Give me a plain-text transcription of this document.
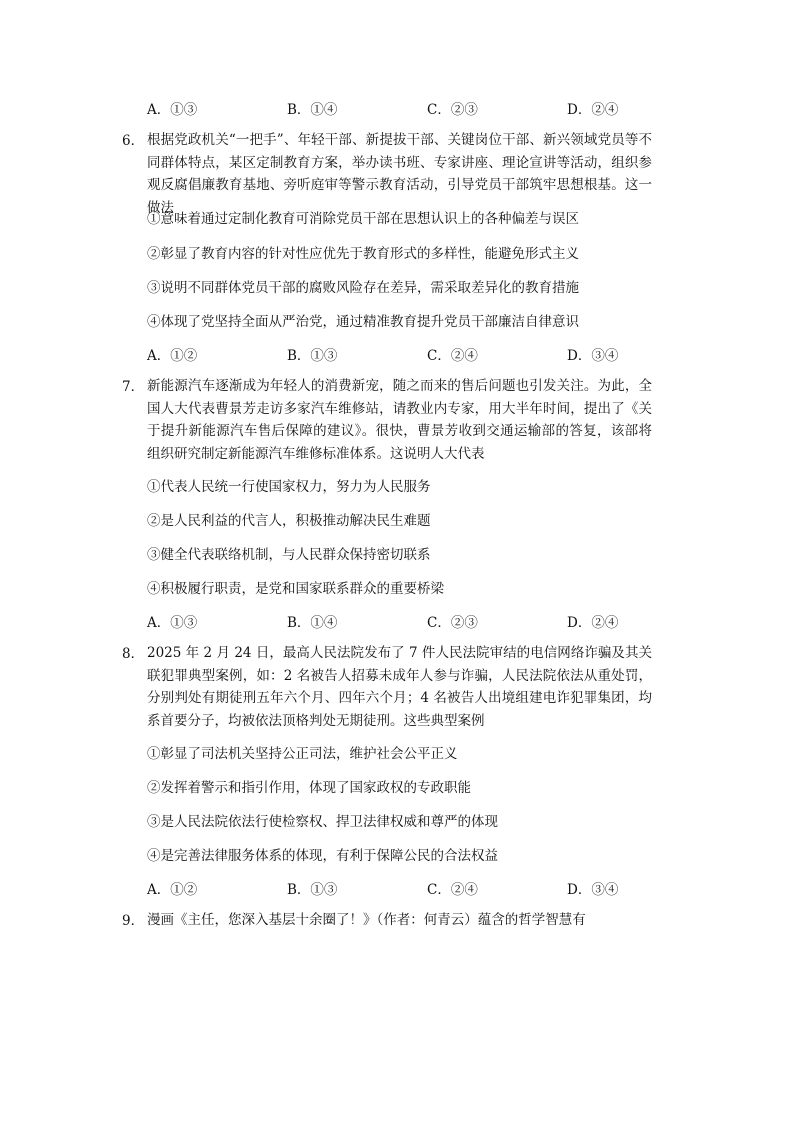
A．①③	B．①④	C．②③	D．②④
6． 根据党政机关“一把手”、年轻干部、新提拔干部、关键岗位干部、新兴领域党员等不同群体特点，某区定制教育方案，举办读书班、专家讲座、理论宣讲等活动，组织参观反腐倡廉教育基地、旁听庭审等警示教育活动，引导党员干部筑牢思想根基。这一做法
①意味着通过定制化教育可消除党员干部在思想认识上的各种偏差与误区
②彰显了教育内容的针对性应优先于教育形式的多样性，能避免形式主义
③说明不同群体党员干部的腐败风险存在差异，需采取差异化的教育措施
④体现了党坚持全面从严治党，通过精准教育提升党员干部廉洁自律意识
A．①②	B．①③	C．②④	D．③④
7． 新能源汽车逐渐成为年轻人的消费新宠，随之而来的售后问题也引发关注。为此，全国人大代表曹景芳走访多家汽车维修站，请教业内专家，用大半年时间，提出了《关于提升新能源汽车售后保障的建议》。很快，曹景芳收到交通运输部的答复，该部将组织研究制定新能源汽车维修标准体系。这说明人大代表
①代表人民统一行使国家权力，努力为人民服务
②是人民利益的代言人，积极推动解决民生难题
③健全代表联络机制，与人民群众保持密切联系
④积极履行职责，是党和国家联系群众的重要桥梁
A．①③	B．①④	C．②③	D．②④
8． 2025 年 2 月 24 日，最高人民法院发布了 7 件人民法院审结的电信网络诈骗及其关联犯罪典型案例，如：2 名被告人招募未成年人参与诈骗，人民法院依法从重处罚，分别判处有期徒刑五年六个月、四年六个月；4 名被告人出境组建电诈犯罪集团，均系首要分子，均被依法顶格判处无期徒刑。这些典型案例
①彰显了司法机关坚持公正司法，维护社会公平正义
②发挥着警示和指引作用，体现了国家政权的专政职能
③是人民法院依法行使检察权、捍卫法律权威和尊严的体现
④是完善法律服务体系的体现，有利于保障公民的合法权益
A．①②	B．①③	C．②④	D．③④
9． 漫画《主任，您深入基层十余圈了！》（作者：何青云）蕴含的哲学智慧有
